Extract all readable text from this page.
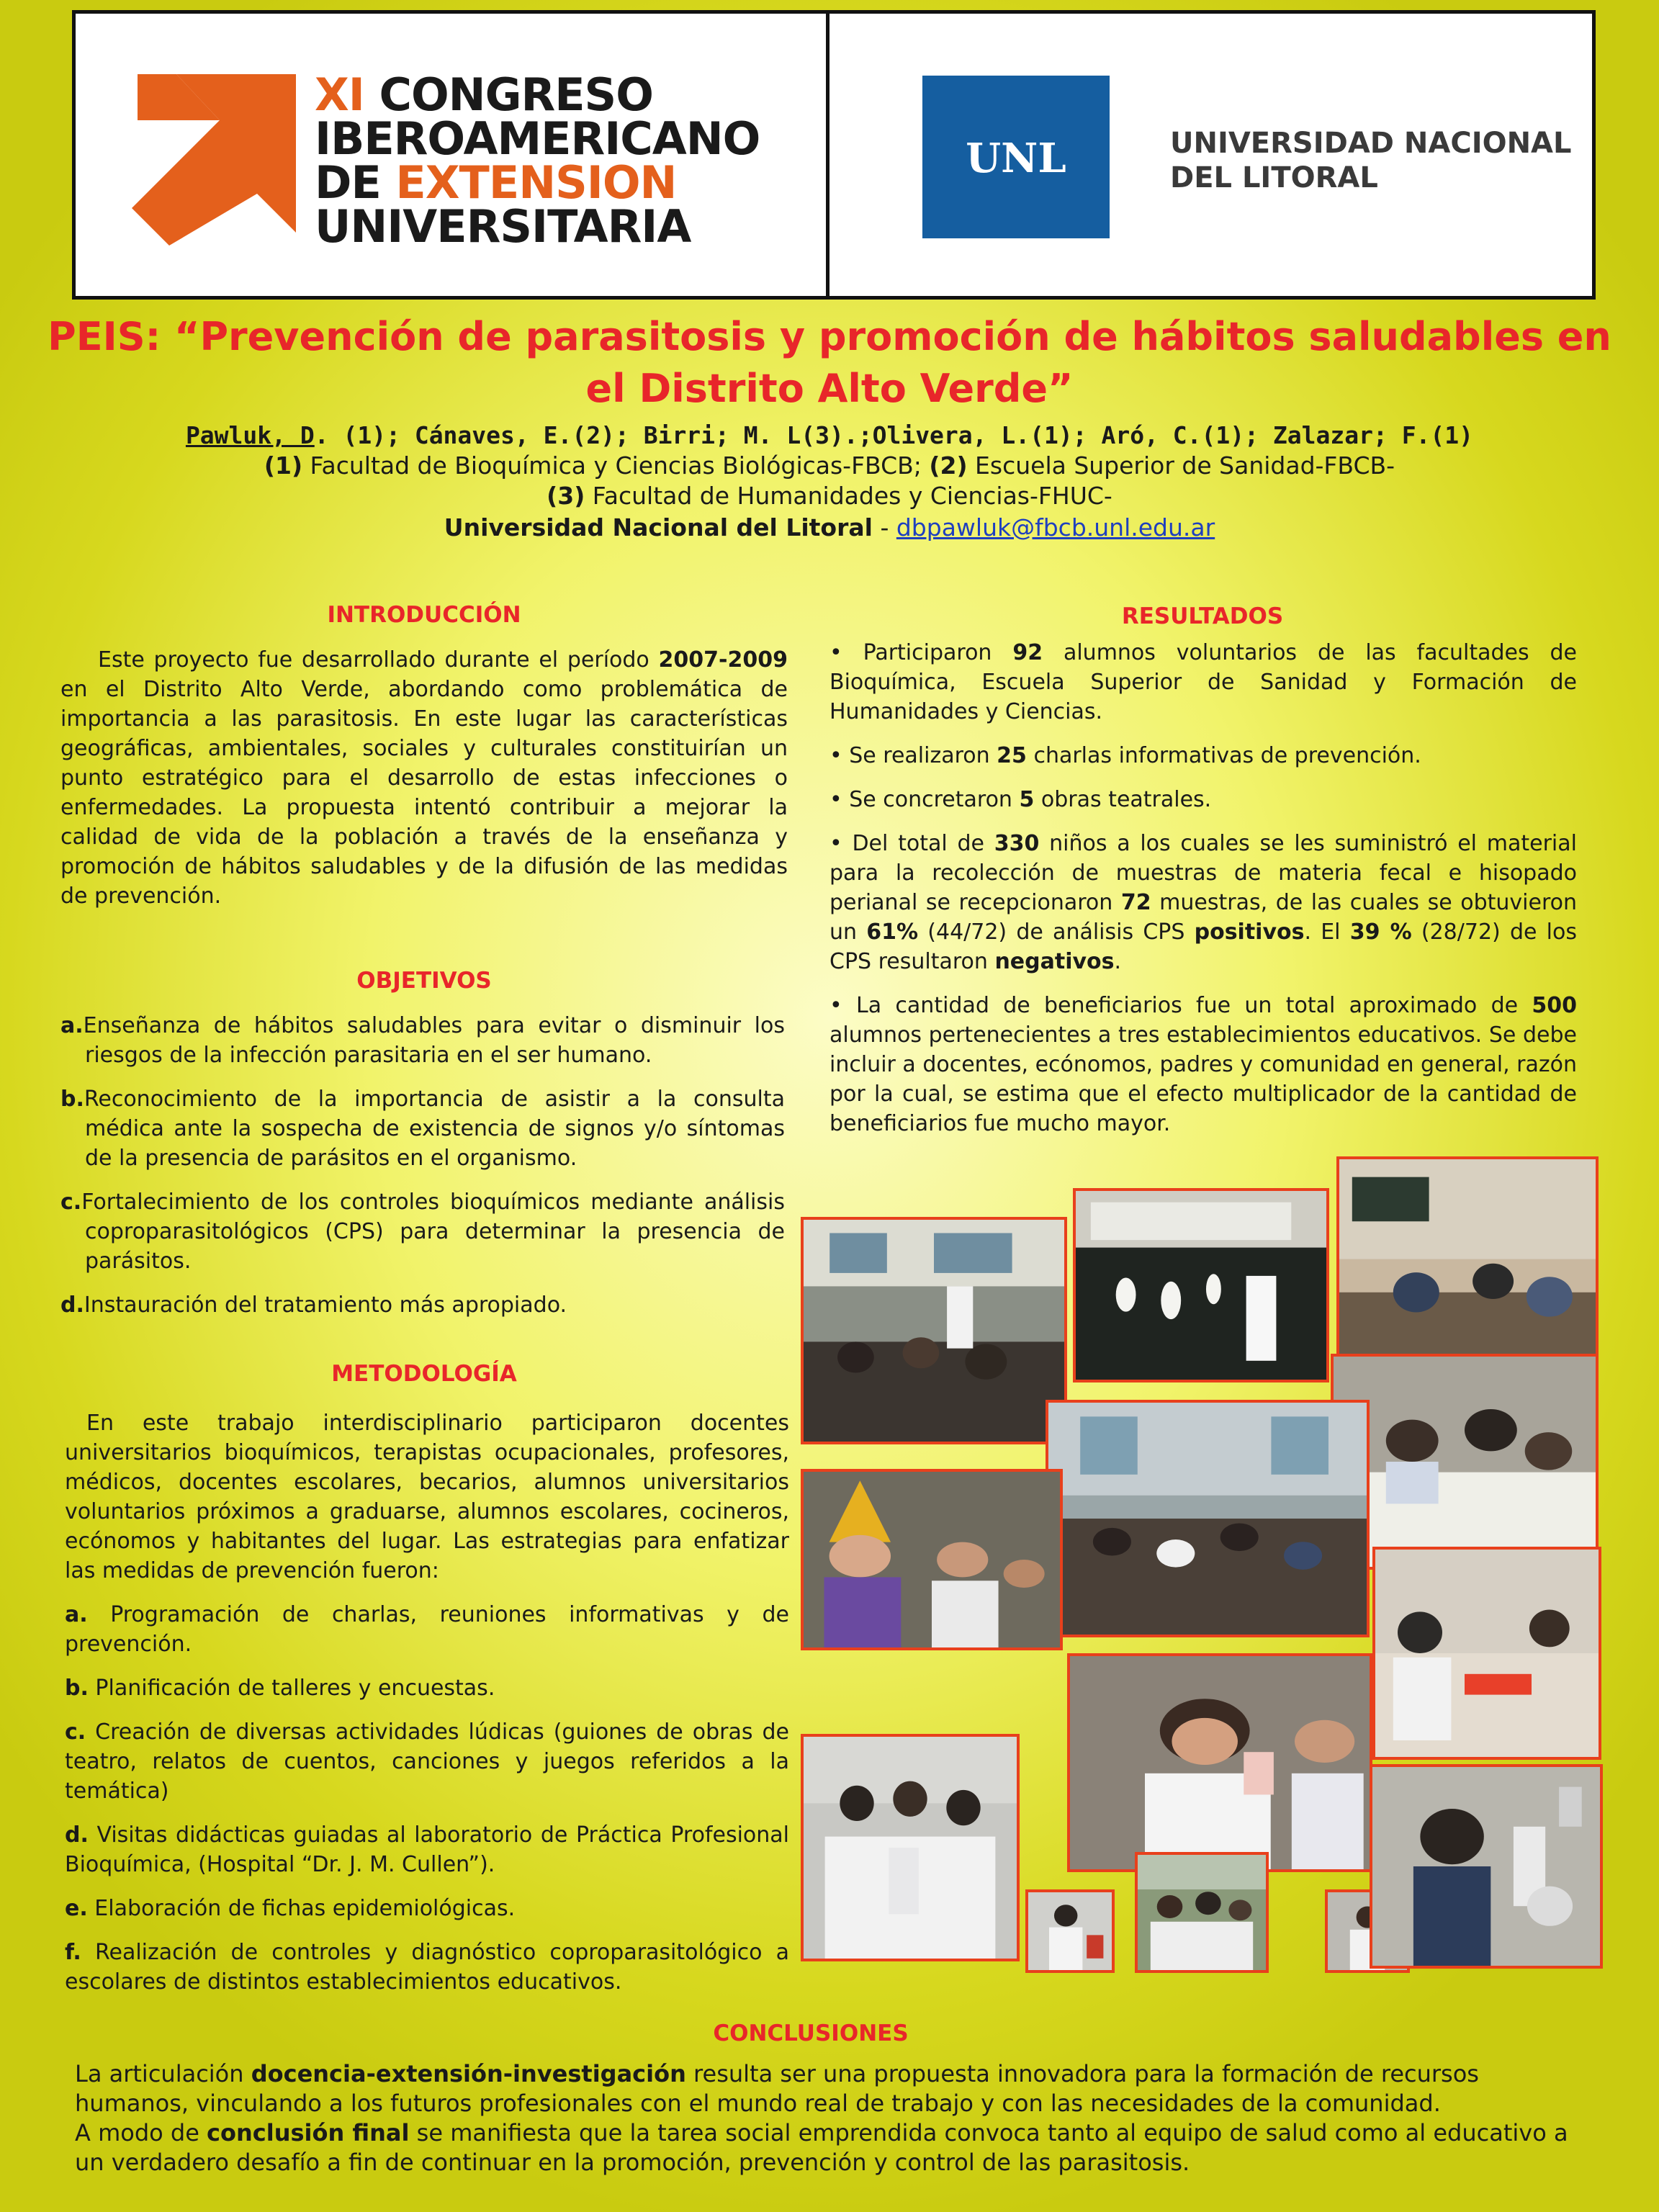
XI CONGRESO
IBEROAMERICANO
DE EXTENSION
UNIVERSITARIA
UNL	UNIVERSIDAD NACIONAL
DEL LITORAL
PEIS: “Prevención de parasitosis y promoción de hábitos saludables en el Distrito Alto Verde”
Pawluk, D. (1); Cánaves, E.(2); Birri; M. L(3).;Olivera, L.(1); Aró, C.(1); Zalazar; F.(1)
(1) Facultad de Bioquímica y Ciencias Biológicas-FBCB; (2) Escuela Superior de Sanidad-FBCB-
(3) Facultad de Humanidades y Ciencias-FHUC-
Universidad Nacional del Litoral - dbpawluk@fbcb.unl.edu.ar
INTRODUCCIÓN

Este proyecto fue desarrollado durante el período 2007-2009 en el Distrito Alto Verde, abordando como problemática de importancia a las parasitosis. En este lugar las características geográficas, ambientales, sociales y culturales constituirían un punto estratégico para el desarrollo de estas infecciones o enfermedades. La propuesta intentó contribuir a mejorar la calidad de vida de la población a través de la enseñanza y promoción de hábitos saludables y de la difusión de las medidas de prevención.

OBJETIVOS
a.Enseñanza de hábitos saludables para evitar o disminuir los riesgos de la infección parasitaria en el ser humano.
b.Reconocimiento de la importancia de asistir a la consulta médica ante la sospecha de existencia de signos y/o síntomas de la presencia de parásitos en el organismo.
c.Fortalecimiento de los controles bioquímicos mediante análisis coproparasitológicos (CPS) para determinar la presencia de parásitos.
d.Instauración del tratamiento más apropiado.
METODOLOGÍA

En este trabajo interdisciplinario participaron docentes universitarios bioquímicos, terapistas ocupacionales, profesores, médicos, docentes escolares, becarios, alumnos universitarios voluntarios próximos a graduarse, alumnos escolares, cocineros, ecónomos y habitantes del lugar. Las estrategias para enfatizar las medidas de prevención fueron:

a. Programación de charlas, reuniones informativas y de prevención.

b. Planificación de talleres y encuestas.

c. Creación de diversas actividades lúdicas (guiones de obras de teatro, relatos de cuentos, canciones y juegos referidos a la temática)

d. Visitas didácticas guiadas al laboratorio de Práctica Profesional Bioquímica, (Hospital “Dr. J. M. Cullen”).

e. Elaboración de fichas epidemiológicas.

f. Realización de controles y diagnóstico coproparasitológico a escolares de distintos establecimientos educativos.

RESULTADOS

• Participaron 92 alumnos voluntarios de las facultades de Bioquímica, Escuela Superior de Sanidad y Formación de Humanidades y Ciencias.

• Se realizaron 25 charlas informativas de prevención.

• Se concretaron 5 obras teatrales.

• Del total de 330 niños a los cuales se les suministró el material para la recolección de muestras de materia fecal e hisopado perianal se recepcionaron 72 muestras, de las cuales se obtuvieron un 61% (44/72) de análisis CPS positivos. El 39 % (28/72) de los CPS resultaron negativos.

• La cantidad de beneficiarios fue un total aproximado de 500 alumnos pertenecientes a tres establecimientos educativos. Se debe incluir a docentes, ecónomos, padres y comunidad en general, razón por la cual, se estima que el efecto multiplicador de la cantidad de beneficiarios fue mucho mayor.

CONCLUSIONES
La articulación docencia-extensión-investigación resulta ser una propuesta innovadora para la formación de recursos humanos, vinculando a los futuros profesionales con el mundo real de trabajo y con las necesidades de la comunidad.
A modo de conclusión final se manifiesta que la tarea social emprendida convoca tanto al equipo de salud como al educativo a un verdadero desafío a fin de continuar en la promoción, prevención y control de las parasitosis.
